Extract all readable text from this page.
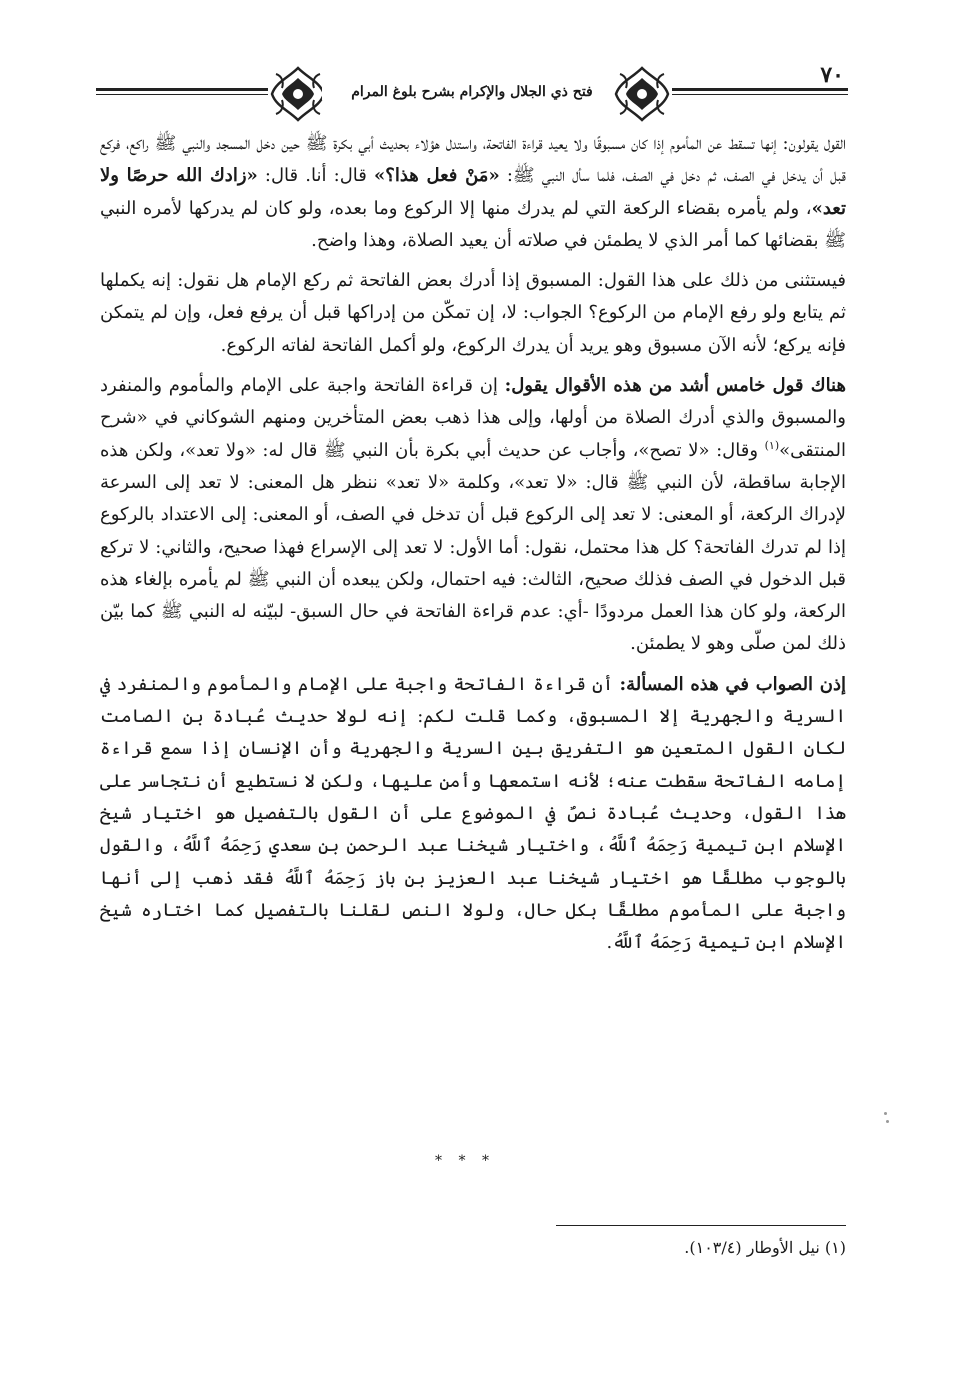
فتح ذي الجلال والإكرام بشرح بلوغ المرام
٧٠

القول يقولون: إنها تسقط عن المأموم إذا كان مسبوقًا ولا يعيد قراءة الفاتحة، واستدل هؤلاء بحديث أبي بكرة ﷺ حين دخل المسجد والنبي ﷺ راكع، فركع قبل أن يدخل في الصف، ثم دخل في الصف، فلما سأل النبي ﷺ: «مَنْ فعل هذا؟» قال: أنا. قال: «زادك الله حرصًا ولا تعد»، ولم يأمره بقضاء الركعة التي لم يدرك منها إلا الركوع وما بعده، ولو كان لم يدركها لأمره النبي ﷺ بقضائها كما أمر الذي لا يطمئن في صلاته أن يعيد الصلاة، وهذا واضح.

فيستثنى من ذلك على هذا القول: المسبوق إذا أدرك بعض الفاتحة ثم ركع الإمام هل نقول: إنه يكملها ثم يتابع ولو رفع الإمام من الركوع؟ الجواب: لا، إن تمكّن من إدراكها قبل أن يرفع فعل، وإن لم يتمكن فإنه يركع؛ لأنه الآن مسبوق وهو يريد أن يدرك الركوع، ولو أكمل الفاتحة لفاته الركوع.

هناك قول خامس أشد من هذه الأقوال يقول: إن قراءة الفاتحة واجبة على الإمام والمأموم والمنفرد والمسبوق والذي أدرك الصلاة من أولها، وإلى هذا ذهب بعض المتأخرين ومنهم الشوكاني في «شرح المنتقى»$^{(١)}$ وقال: «لا تصح»، وأجاب عن حديث أبي بكرة بأن النبي ﷺ قال له: «ولا تعد»، ولكن هذه الإجابة ساقطة، لأن النبي ﷺ قال: «لا تعد»، وكلمة «لا تعد» ننظر هل المعنى: لا تعد إلى السرعة لإدراك الركعة، أو المعنى: لا تعد إلى الركوع قبل أن تدخل في الصف، أو المعنى: إلى الاعتداد بالركوع إذا لم تدرك الفاتحة؟ كل هذا محتمل، نقول: أما الأول: لا تعد إلى الإسراع فهذا صحيح، والثاني: لا تركع قبل الدخول في الصف فذلك صحيح، الثالث: فيه احتمال، ولكن يبعده أن النبي ﷺ لم يأمره بإلغاء هذه الركعة، ولو كان هذا العمل مردودًا -أي: عدم قراءة الفاتحة في حال السبق- لبيّنه له النبي ﷺ كما بيّن ذلك لمن صلّى وهو لا يطمئن.

إذن الصواب في هذه المسألة: أن قراءة الفاتحة واجبة على الإمام والمأموم والمنفرد في السرية والجهرية إلا المسبوق، وكما قلت لكم: إنه لولا حديث عُبادة بن الصامت لكان القول المتعين هو التفريق بين السرية والجهرية وأن الإنسان إذا سمع قراءة إمامه الفاتحة سقطت عنه؛ لأنه استمعها وأمن عليها، ولكن لا نستطيع أن نتجاسر على هذا القول، وحديث عُبادة نصٌ في الموضوع على أن القول بالتفصيل هو اختيار شيخ الإسلام ابن تيمية رَحِمَهُ ٱللَّهُ، واختيار شيخنا عبد الرحمن بن سعدي رَحِمَهُ ٱللَّهُ، والقول بالوجوب مطلقًا هو اختيار شيخنا عبد العزيز بن باز رَحِمَهُ ٱللَّهُ فقد ذهب إلى أنها واجبة على المأموم مطلقًا بكل حال، ولولا النص لقلنا بالتفصيل كما اختاره شيخ الإسلام ابن تيمية رَحِمَهُ ٱللَّهُ.

* * *
(١) نيل الأوطار (١٠٣/٤).
